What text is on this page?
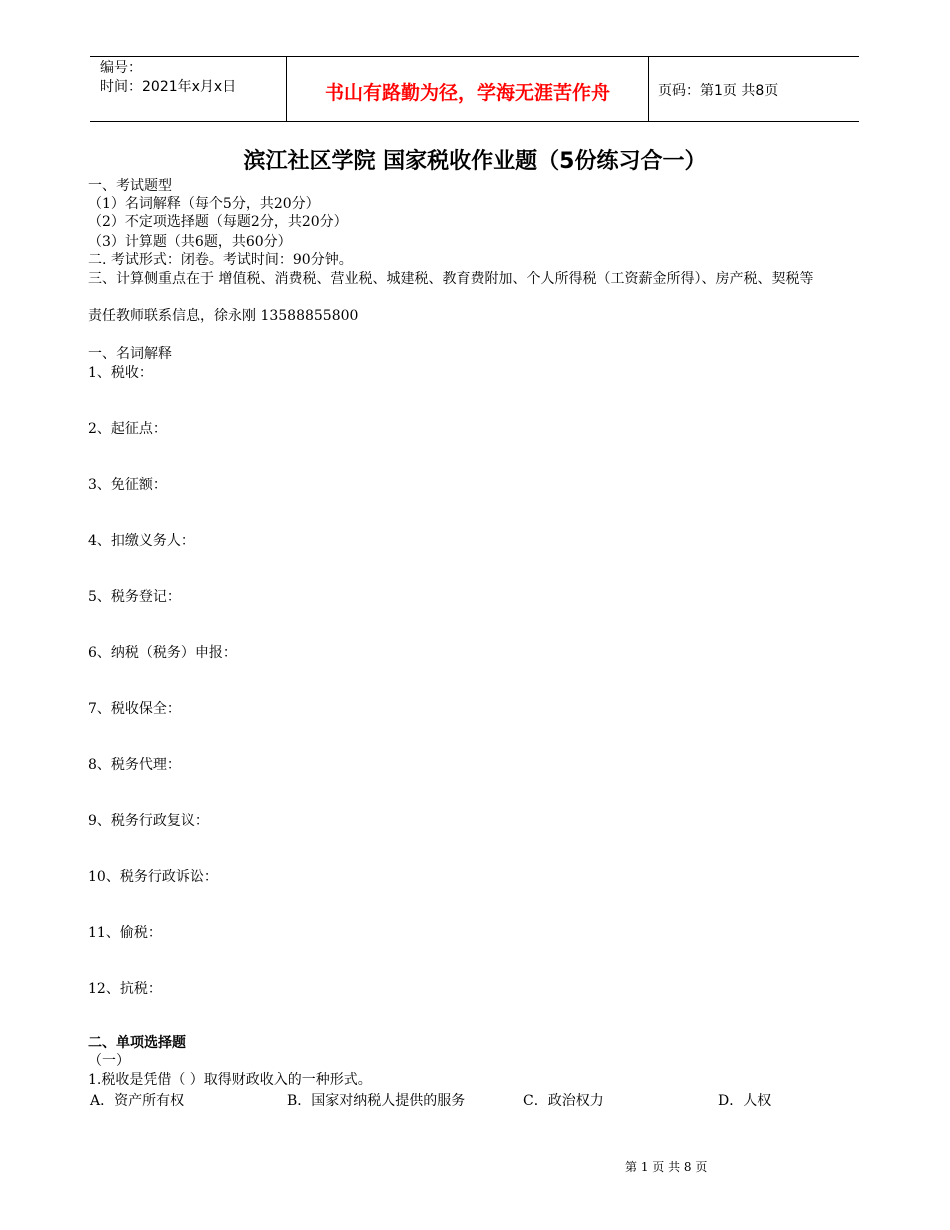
编号：
时间：2021年x月x日	书山有路勤为径，学海无涯苦作舟	页码：第1页 共8页
滨江社区学院 国家税收作业题（5份练习合一）
一、考试题型
（1）名词解释（每个5分，共20分）
（2）不定项选择题（每题2分，共20分）
（3）计算题（共6题，共60分）
二. 考试形式：闭卷。考试时间：90分钟。
三、计算侧重点在于 增值税、消费税、营业税、城建税、教育费附加、个人所得税（工资薪金所得）、房产税、契税等
责任教师联系信息，徐永刚 13588855800
一、名词解释
1、税收：
2、起征点：
3、免征额：
4、扣缴义务人：
5、税务登记：
6、纳税（税务）申报：
7、税收保全：
8、税务代理：
9、税务行政复议：
10、税务行政诉讼：
11、偷税：
12、抗税：
二、单项选择题
（一）
1.税收是凭借（ ）取得财政收入的一种形式。
A．资产所有权	B．国家对纳税人提供的服务	C．政治权力	D．人权
第 1 页 共 8 页
